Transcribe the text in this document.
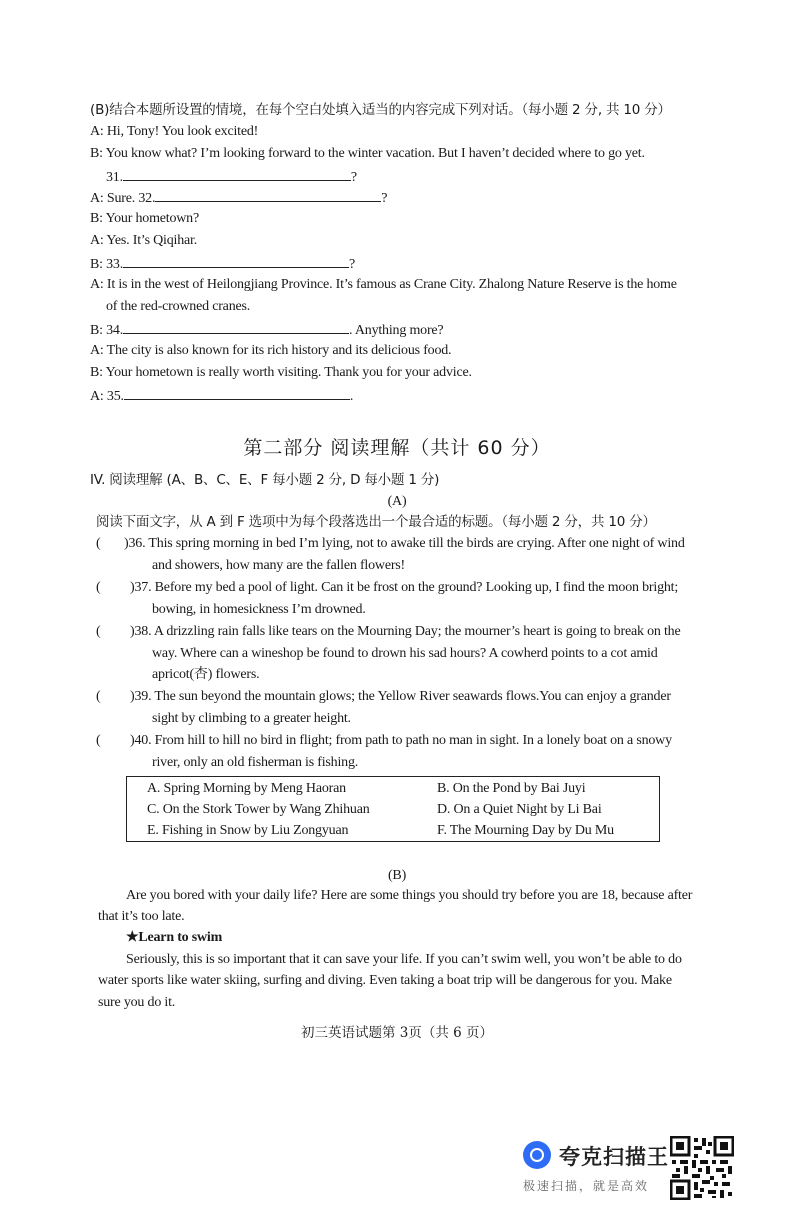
(B)结合本题所设置的情境，在每个空白处填入适当的内容完成下列对话。（每小题 2 分, 共 10 分）
A: Hi, Tony! You look excited!
B: You know what? I’m looking forward to the winter vacation. But I haven’t decided where to go yet.
31.	?
A: Sure. 32.	?
B: Your hometown?
A: Yes. It’s Qiqihar.
B: 33.	?
A: It is in the west of Heilongjiang Province. It’s famous as Crane City. Zhalong Nature Reserve is the home
of the red-crowned cranes.
B: 34.	. Anything more?
A: The city is also known for its rich history and its delicious food.
B: Your hometown is really worth visiting. Thank you for your advice.
A: 35.	.
第二部分 阅读理解（共计 60 分）
IV. 阅读理解 (A、B、C、E、F 每小题 2 分, D 每小题 1 分)
(A)
阅读下面文字，从 A 到 F 选项中为每个段落选出一个最合适的标题。（每小题 2 分，共 10 分）
( )36. This spring morning in bed I’m lying, not to awake till the birds are crying. After one night of wind
and showers, how many are the fallen flowers!
( )37. Before my bed a pool of light. Can it be frost on the ground? Looking up, I find the moon bright;
bowing, in homesickness I’m drowned.
( )38. A drizzling rain falls like tears on the Mourning Day; the mourner’s heart is going to break on the
way. Where can a wineshop be found to drown his sad hours? A cowherd points to a cot amid
apricot(杏) flowers.
( )39. The sun beyond the mountain glows; the Yellow River seawards flows.You can enjoy a grander
sight by climbing to a greater height.
( )40. From hill to hill no bird in flight; from path to path no man in sight. In a lonely boat on a snowy
river, only an old fisherman is fishing.
A. Spring Morning by Meng Haoran	B. On the Pond by Bai Juyi
C. On the Stork Tower by Wang Zhihuan	D. On a Quiet Night by Li Bai
E. Fishing in Snow by Liu Zongyuan	F. The Mourning Day by Du Mu
(B)
Are you bored with your daily life? Here are some things you should try before you are 18, because after
that it’s too late.
★Learn to swim
Seriously, this is so important that it can save your life. If you can’t swim well, you won’t be able to do
water sports like water skiing, surfing and diving. Even taking a boat trip will be dangerous for you. Make
sure you do it.
初三英语试题第 3页（共 6 页）
夸克扫描王
极速扫描，就是高效
